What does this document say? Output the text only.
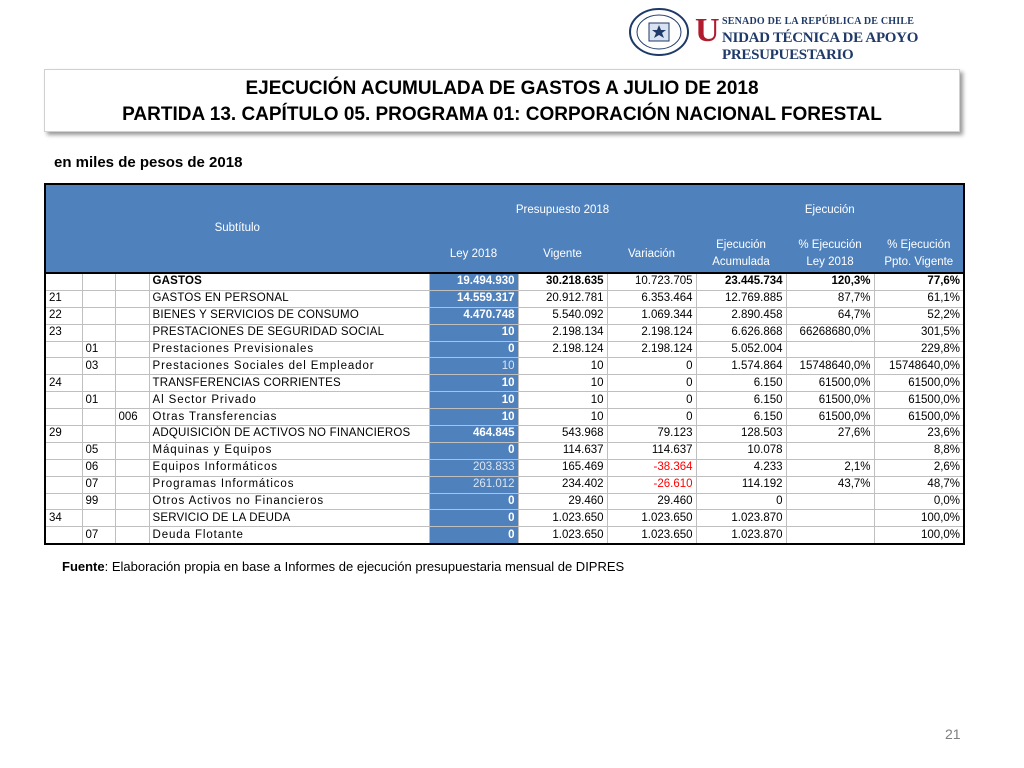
U SENADO DE LA REPÚBLICA DE CHILE
NIDAD TÉCNICA DE APOYO PRESUPUESTARIO
EJECUCIÓN ACUMULADA DE GASTOS A JULIO DE 2018
PARTIDA 13. CAPÍTULO 05. PROGRAMA 01: CORPORACIÓN NACIONAL FORESTAL
en miles de pesos de 2018
Subtítulo				Presupuesto 2018			Ejecución		
				Ley 2018	Vigente	Variación	Ejecución Acumulada	% Ejecución Ley 2018	% Ejecución Ppto. Vigente
			GASTOS	19.494.930	30.218.635	10.723.705	23.445.734	120,3%	77,6%
21			GASTOS EN PERSONAL	14.559.317	20.912.781	6.353.464	12.769.885	87,7%	61,1%
22			BIENES Y SERVICIOS DE CONSUMO	4.470.748	5.540.092	1.069.344	2.890.458	64,7%	52,2%
23			PRESTACIONES DE SEGURIDAD SOCIAL	10	2.198.134	2.198.124	6.626.868	66268680,0%	301,5%
	01		Prestaciones Previsionales	0	2.198.124	2.198.124	5.052.004		229,8%
	03		Prestaciones Sociales del Empleador	10	10	0	1.574.864	15748640,0%	15748640,0%
24			TRANSFERENCIAS CORRIENTES	10	10	0	6.150	61500,0%	61500,0%
	01		Al Sector Privado	10	10	0	6.150	61500,0%	61500,0%
		006	Otras Transferencias	10	10	0	6.150	61500,0%	61500,0%
29			ADQUISICIÓN DE ACTIVOS NO FINANCIEROS	464.845	543.968	79.123	128.503	27,6%	23,6%
	05		Máquinas y Equipos	0	114.637	114.637	10.078		8,8%
	06		Equipos Informáticos	203.833	165.469	-38.364	4.233	2,1%	2,6%
	07		Programas Informáticos	261.012	234.402	-26.610	114.192	43,7%	48,7%
	99		Otros Activos no Financieros	0	29.460	29.460	0		0,0%
34			SERVICIO DE LA DEUDA	0	1.023.650	1.023.650	1.023.870		100,0%
	07		Deuda Flotante	0	1.023.650	1.023.650	1.023.870		100,0%
Fuente: Elaboración propia en base a Informes de ejecución presupuestaria mensual de DIPRES
21
